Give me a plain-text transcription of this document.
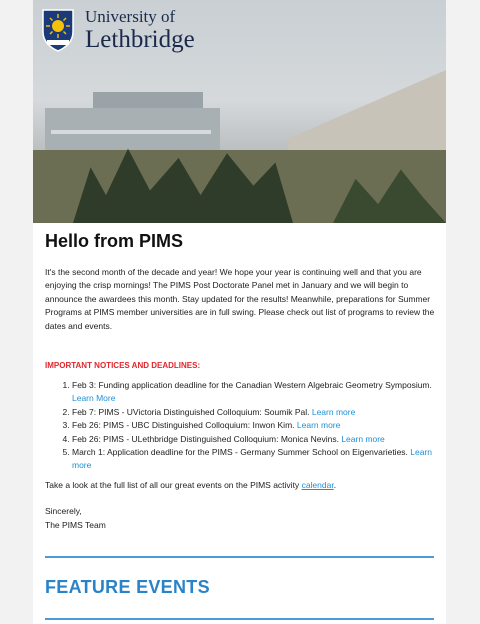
University of
Lethbridge
Hello from PIMS

It's the second month of the decade and year! We hope your year is continuing well and that you are enjoying the crisp mornings! The PIMS Post Doctorate Panel met in January and we will begin to announce the awardees this month. Stay updated for the results! Meanwhile, preparations for Summer Programs at PIMS member universities are in full swing. Please check out list of programs to review the dates and events.

IMPORTANT NOTICES AND DEADLINES:
1. Feb 3: Funding application deadline for the Canadian Western Algebraic Geometry Symposium. Learn More
2. Feb 7: PIMS - UVictoria Distinguished Colloquium: Soumik Pal. Learn more
3. Feb 26: PIMS - UBC Distinguished Colloquium: Inwon Kim. Learn more
4. Feb 26: PIMS - ULethbridge Distinguished Colloquium: Monica Nevins. Learn more
5. March 1: Application deadline for the PIMS - Germany Summer School on Eigenvarieties. Learn more

Take a look at the full list of all our great events on the PIMS activity calendar.

Sincerely,
The PIMS Team

FEATURE EVENTS
